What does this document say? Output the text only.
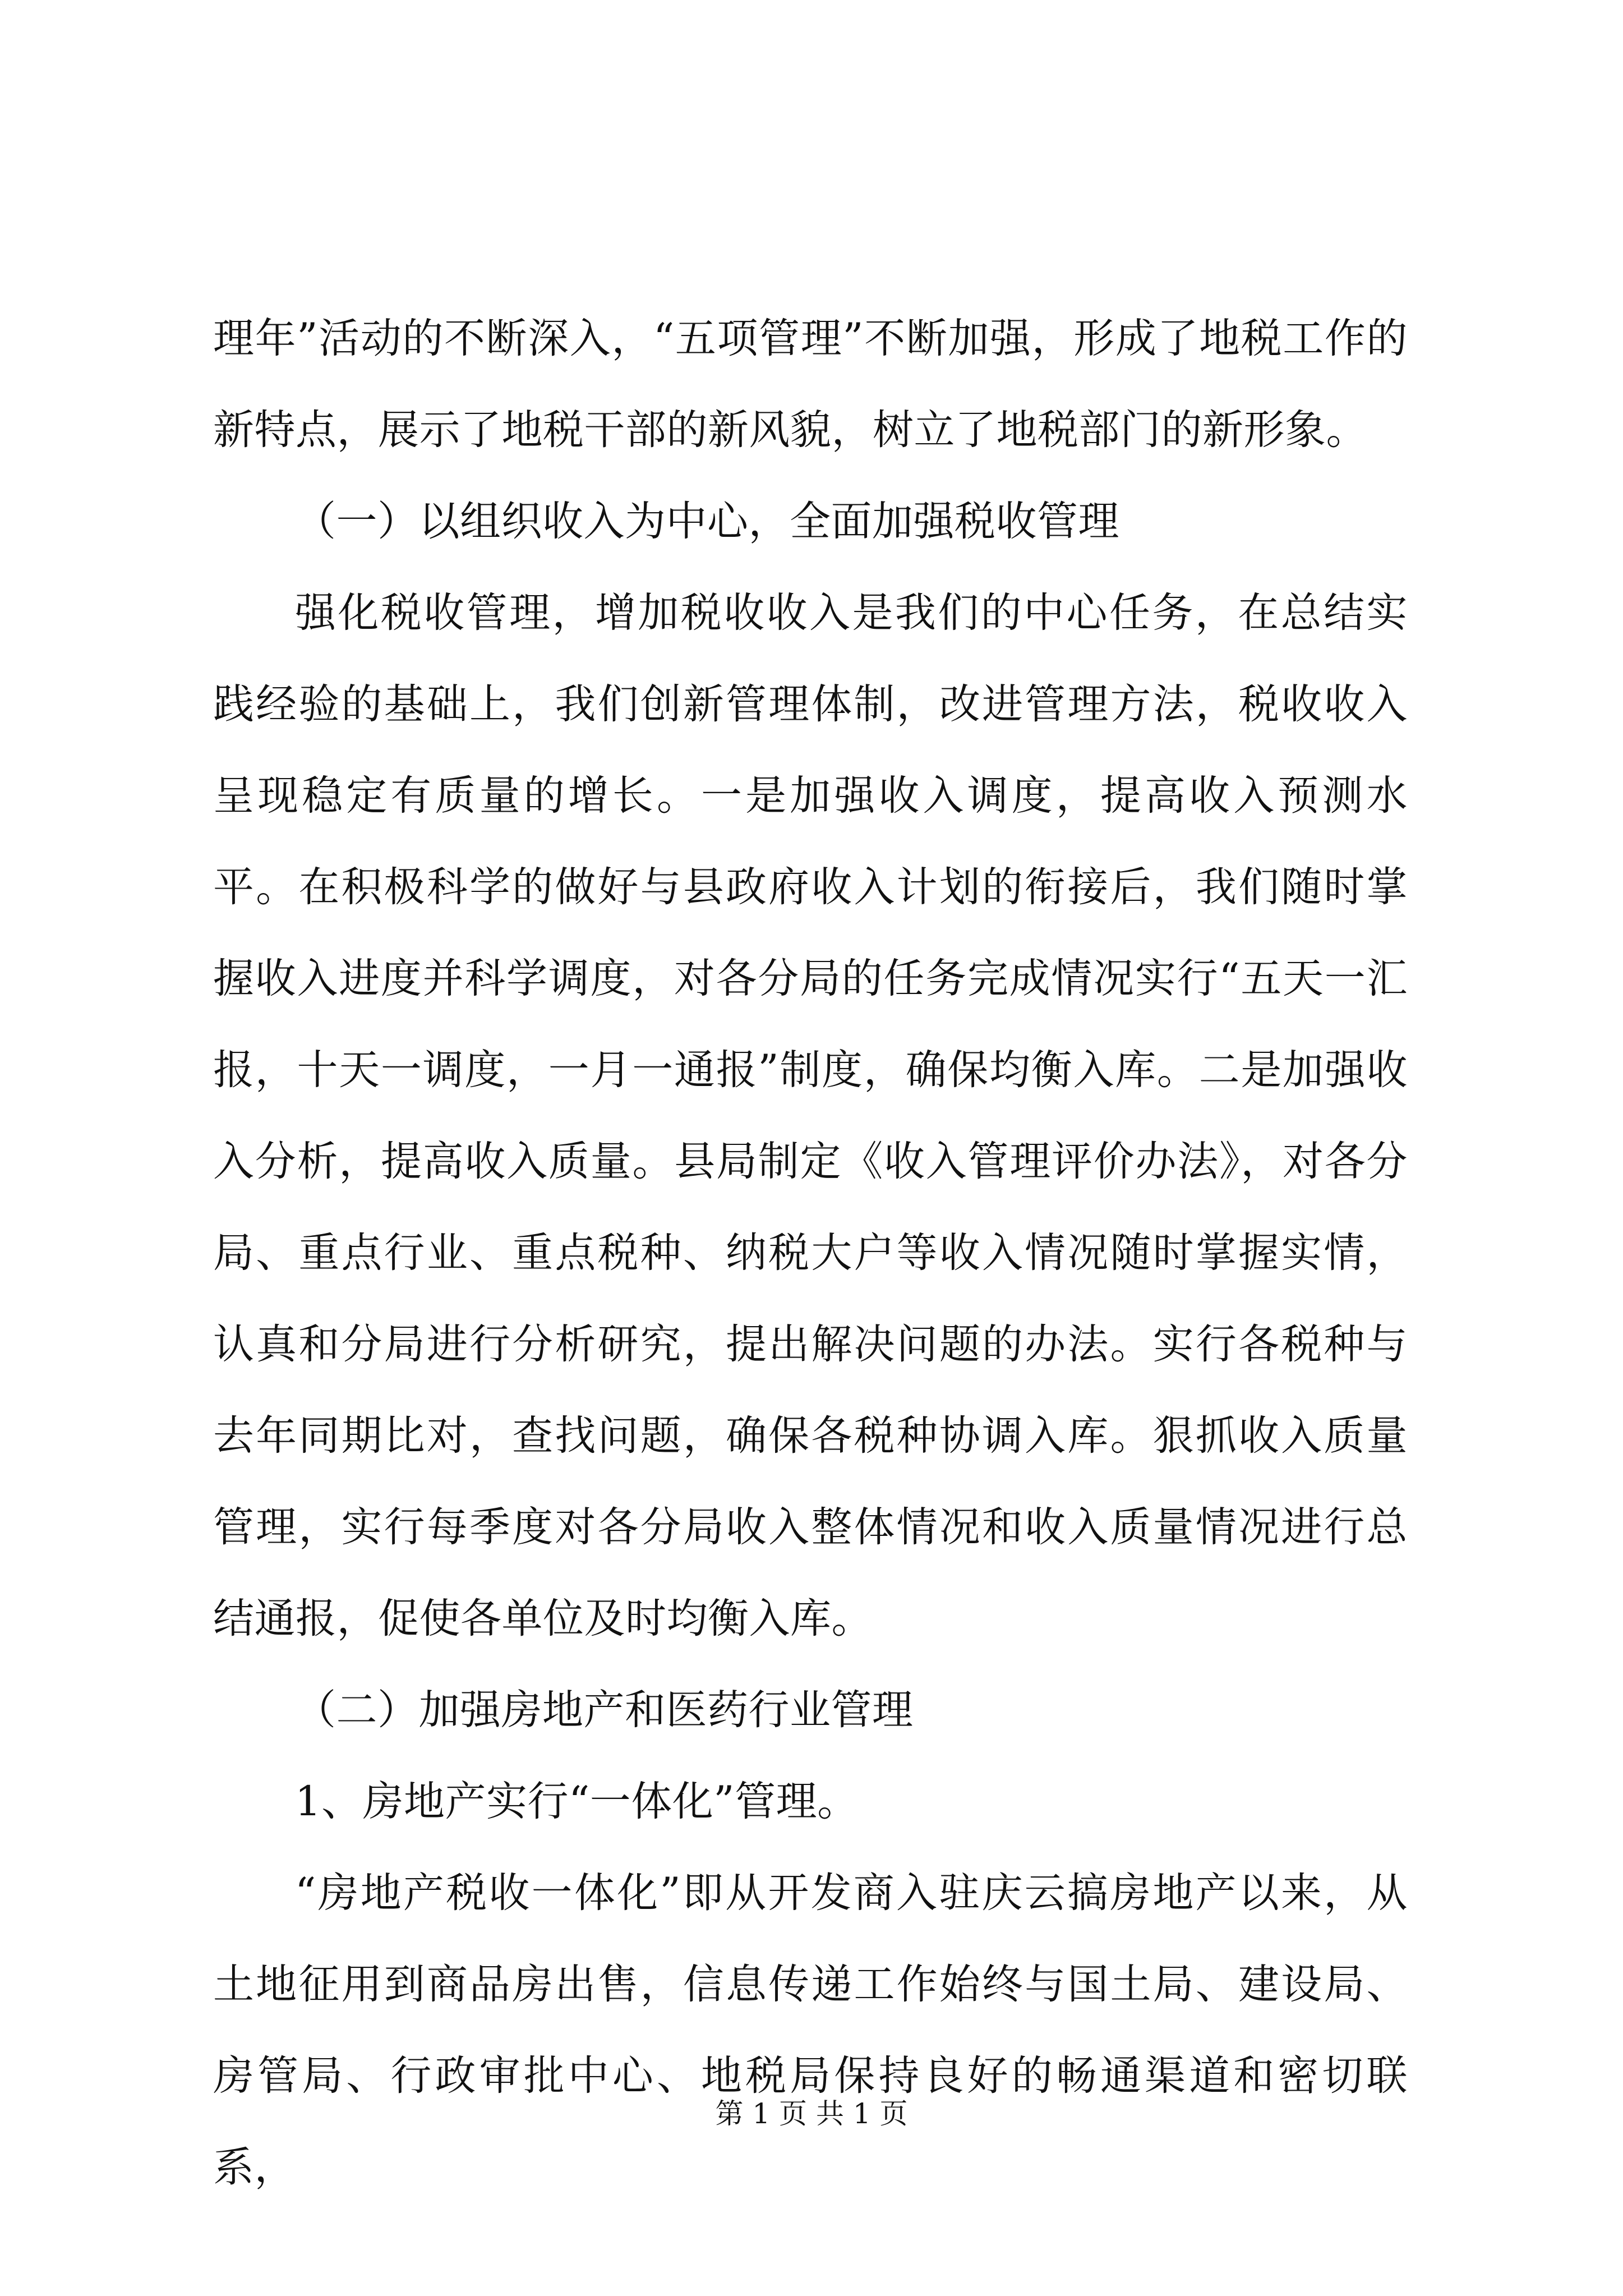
理年”活动的不断深入，“五项管理”不断加强，形成了地税工作的新特点，展示了地税干部的新风貌，树立了地税部门的新形象。

（一）以组织收入为中心，全面加强税收管理

强化税收管理，增加税收收入是我们的中心任务，在总结实践经验的基础上，我们创新管理体制，改进管理方法，税收收入呈现稳定有质量的增长。一是加强收入调度，提高收入预测水平。在积极科学的做好与县政府收入计划的衔接后，我们随时掌握收入进度并科学调度，对各分局的任务完成情况实行“五天一汇报，十天一调度，一月一通报”制度，确保均衡入库。二是加强收入分析，提高收入质量。县局制定《收入管理评价办法》，对各分局、重点行业、重点税种、纳税大户等收入情况随时掌握实情，认真和分局进行分析研究，提出解决问题的办法。实行各税种与去年同期比对，查找问题，确保各税种协调入库。狠抓收入质量管理，实行每季度对各分局收入整体情况和收入质量情况进行总结通报，促使各单位及时均衡入库。

（二）加强房地产和医药行业管理

1、房地产实行“一体化”管理。

“房地产税收一体化”即从开发商入驻庆云搞房地产以来，从土地征用到商品房出售，信息传递工作始终与国土局、建设局、房管局、行政审批中心、地税局保持良好的畅通渠道和密切联系，

第 1 页 共 1 页
